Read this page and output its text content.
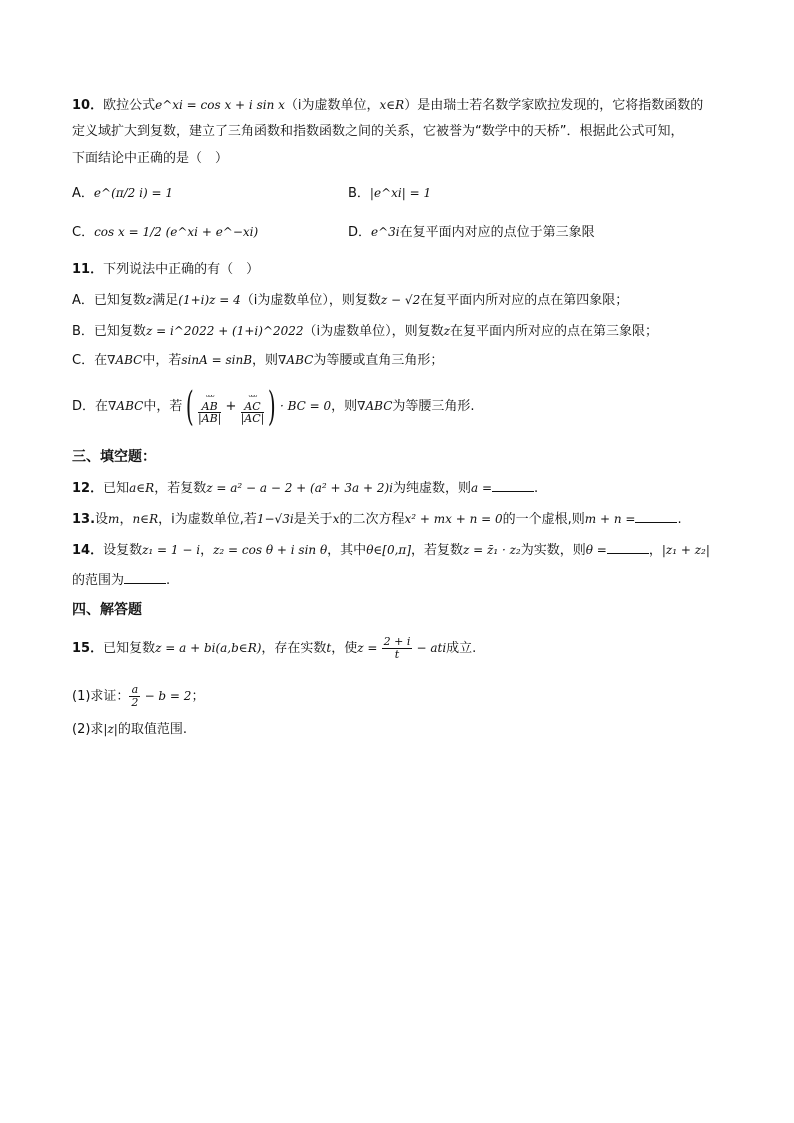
10．欧拉公式e^xi = cos x + i sin x（i为虚数单位，x∈R）是由瑞士若名数学家欧拉发现的，它将指数函数的
定义域扩大到复数，建立了三角函数和指数函数之间的关系，它被誉为“数学中的天桥”．根据此公式可知，
下面结论中正确的是（　）
A．e^(π/2 i) = 1	B．|e^xi| = 1
C．cos x = 1/2 (e^xi + e^−xi)	D．e^3i在复平面内对应的点位于第三象限
11．下列说法中正确的有（　）
A．已知复数z满足(1+i)z = 4（i为虚数单位），则复数z − √2在复平面内所对应的点在第四象限；
B．已知复数z = i^2022 + (1+i)^2022（i为虚数单位），则复数z在复平面内所对应的点在第三象限；
C．在∇ABC中，若sinA = sinB，则∇ABC为等腰或直角三角形；
D．在∇ABC中，若(	ᴗᴗᴗ
AB
|AB|
+
ᴗᴗᴗ
AC
|AC| ) · BC = 0，则∇ABC为等腰三角形.
三、填空题：
12．已知a∈R，若复数z = a² − a − 2 + (a² + 3a + 2)i为纯虚数，则a =	.
13.设m，n∈R，i为虚数单位,若1−√3i是关于x的二次方程x² + mx + n = 0的一个虚根,则m + n =	.
14．设复数z₁ = 1 − i，z₂ = cos θ + i sin θ，其中θ∈[0,π]，若复数z = z̄₁ · z₂为实数，则θ =	，|z₁ + z₂|
的范围为	.
四、解答题
15．已知复数z = a + bi(a,b∈R)，存在实数t，使$z = \frac{2 + i}{t}$ − ati成立.
(1)求证： $\frac{a}{2} - b = 2$；
(2)求|z|的取值范围.
